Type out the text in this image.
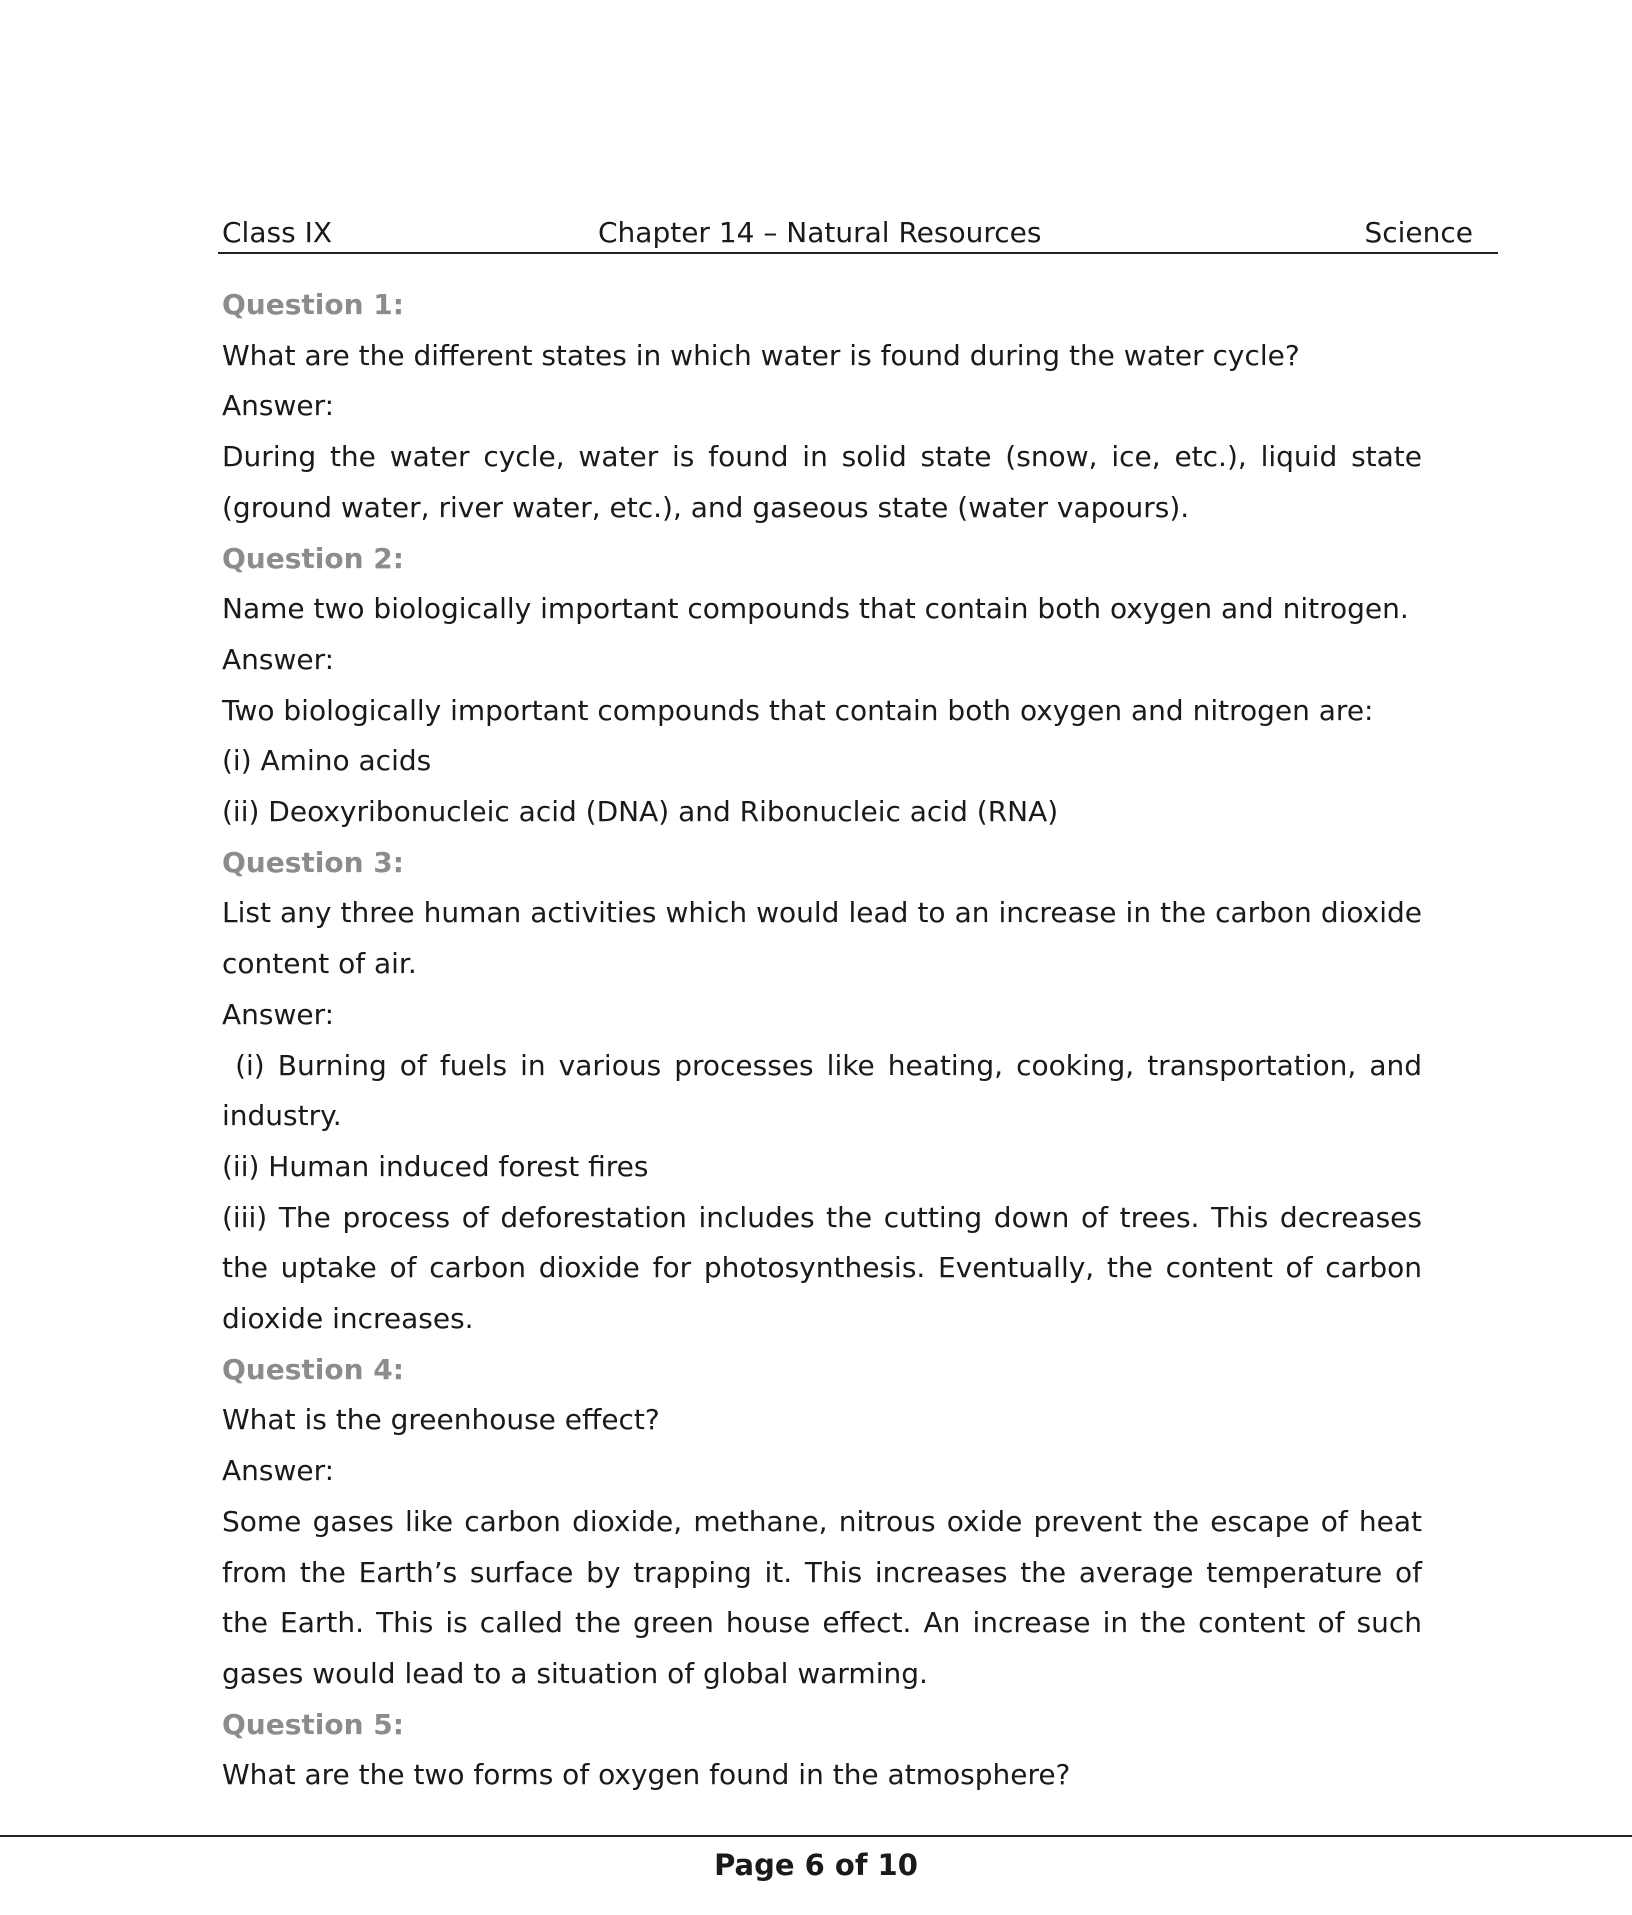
Class IX	Chapter 14 – Natural Resources	Science

Question 1:

What are the different states in which water is found during the water cycle?

Answer:

During the water cycle, water is found in solid state (snow, ice, etc.), liquid state (ground water, river water, etc.), and gaseous state (water vapours).

Question 2:

Name two biologically important compounds that contain both oxygen and nitrogen.

Answer:

Two biologically important compounds that contain both oxygen and nitrogen are:

(i) Amino acids

(ii) Deoxyribonucleic acid (DNA) and Ribonucleic acid (RNA)

Question 3:

List any three human activities which would lead to an increase in the carbon dioxide content of air.

Answer:

(i) Burning of fuels in various processes like heating, cooking, transportation, and industry.

(ii) Human induced forest fires

(iii) The process of deforestation includes the cutting down of trees. This decreases the uptake of carbon dioxide for photosynthesis. Eventually, the content of carbon dioxide increases.

Question 4:

What is the greenhouse effect?

Answer:

Some gases like carbon dioxide, methane, nitrous oxide prevent the escape of heat from the Earth’s surface by trapping it. This increases the average temperature of the Earth. This is called the green house effect. An increase in the content of such gases would lead to a situation of global warming.

Question 5:

What are the two forms of oxygen found in the atmosphere?

Page 6 of 10
